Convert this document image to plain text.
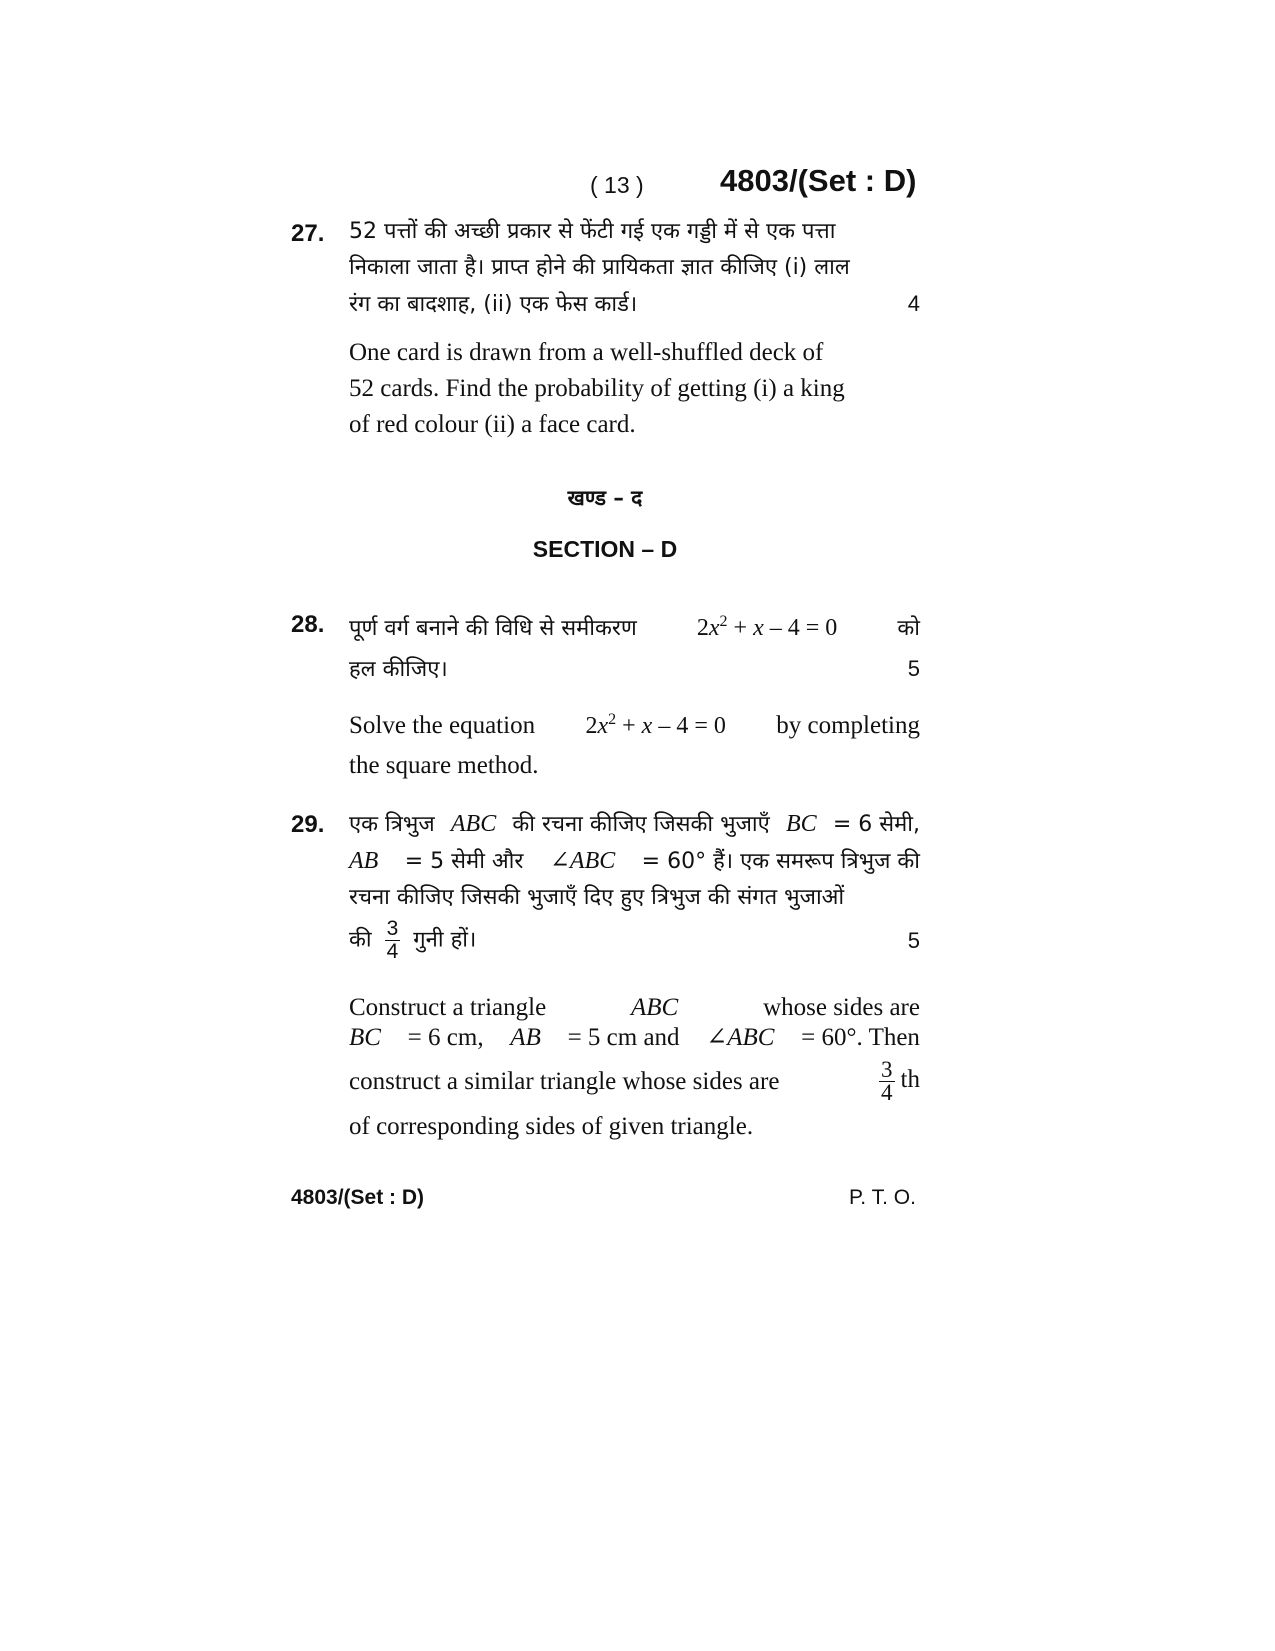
( 13 ) 4803/(Set : D)
27. 52 पत्तों की अच्छी प्रकार से फेंटी गई एक गड्डी में से एक पत्ता
निकाला जाता है। प्राप्त होने की प्रायिकता ज्ञात कीजिए (i) लाल
रंग का बादशाह, (ii) एक फेस कार्ड।	4
One card is drawn from a well-shuffled deck of
52 cards. Find the probability of getting (i) a king
of red colour (ii) a face card.
खण्ड – द
SECTION – D
28. पूर्ण वर्ग बनाने की विधि से समीकरण	$2x^2 + x - 4 = 0$	को
हल कीजिए।	5
Solve the equation $2x^2 + x - 4 = 0$ by completing
the square method.
29. एक त्रिभुज ABC की रचना कीजिए जिसकी भुजाएँ BC = 6 सेमी,
AB = 5 सेमी और ∠ABC = 60° हैं। एक समरूप त्रिभुज की
रचना कीजिए जिसकी भुजाएँ दिए हुए त्रिभुज की संगत भुजाओं
की $\frac{3}{4}$ गुनी हों।	5
Construct a triangle	ABC	whose sides are
BC = 6 cm, AB = 5 cm and ∠ABC = 60°. Then
construct a similar triangle whose sides are	$\frac{3}{4}$ th
of corresponding sides of given triangle.
4803/(Set : D)	P. T. O.
